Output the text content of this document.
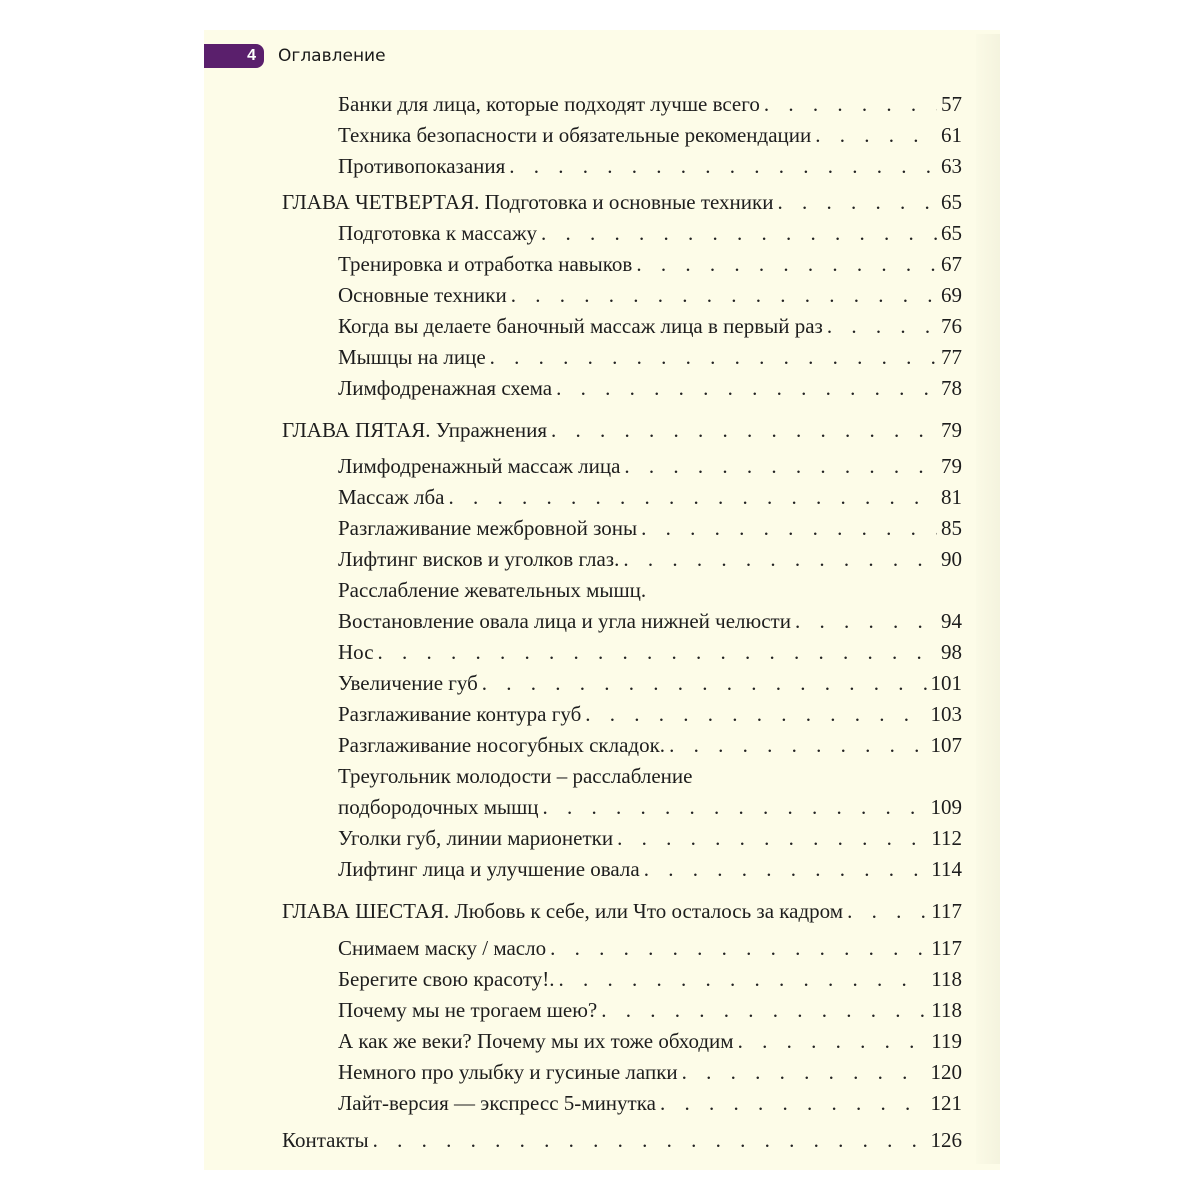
4	Оглавление
Банки для лица, которые подходят лучше всего . . .	57
Техника безопасности и обязательные рекомендации . . .	61
Противопоказания . . .	63
ГЛАВА ЧЕТВЕРТАЯ. Подготовка и основные техники . . .	65
Подготовка к массажу . . .	65
Тренировка и отработка навыков . . .	67
Основные техники . . .	69
Когда вы делаете баночный массаж лица в первый раз . . .	76
Мышцы на лице . . .	77
Лимфодренажная схема . . .	78
ГЛАВА ПЯТАЯ. Упражнения . . .	79
Лимфодренажный массаж лица . . .	79
Массаж лба . . .	81
Разглаживание межбровной зоны . . .	85
Лифтинг висков и уголков глаз. . . .	90
Расслабление жевательных мышц.
Востановление овала лица и угла нижней челюсти . . .	94
Нос . . .	98
Увеличение губ . . .	101
Разглаживание контура губ . . .	103
Разглаживание носогубных складок. . . .	107
Треугольник молодости – расслабление
подбородочных мышц . . .	109
Уголки губ, линии марионетки . . .	112
Лифтинг лица и улучшение овала . . .	114
ГЛАВА ШЕСТАЯ. Любовь к себе, или Что осталось за кадром . . .	117
Снимаем маску / масло . . .	117
Берегите свою красоту!. . . .	118
Почему мы не трогаем шею? . . .	118
А как же веки? Почему мы их тоже обходим . . .	119
Немного про улыбку и гусиные лапки . . .	120
Лайт-версия — экспресс 5-минутка . . .	121
Контакты . . .	126
